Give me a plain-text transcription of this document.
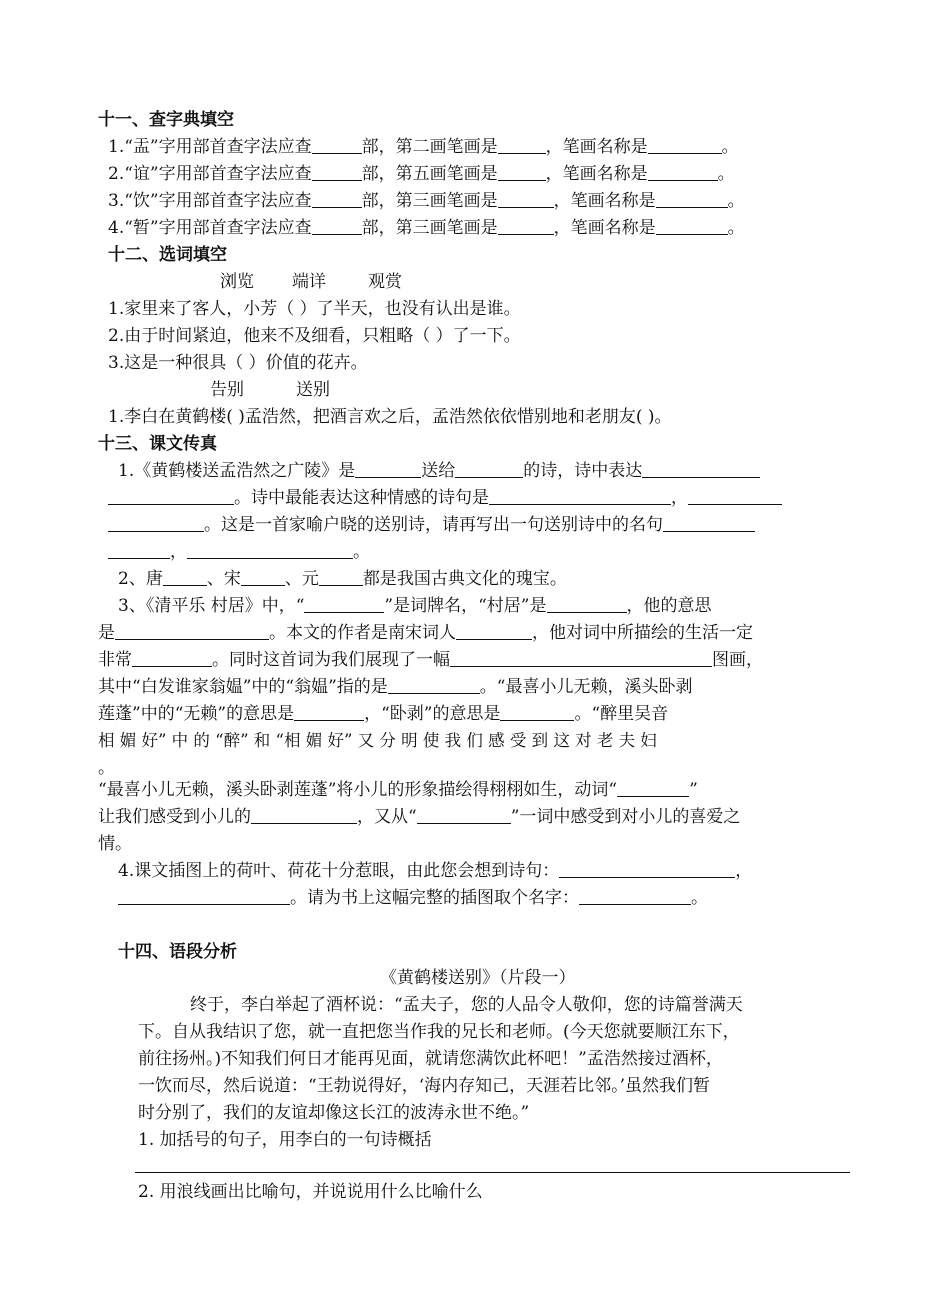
十一、查字典填空
1.“盂”字用部首查字法应查	部，第二画笔画是	，笔画名称是	。
2.“谊”字用部首查字法应查	部，第五画笔画是	，笔画名称是	。
3.“饮”字用部首查字法应查	部，第三画笔画是	，笔画名称是	。
4.“暂”字用部首查字法应查	部，第三画笔画是	，笔画名称是	。
十二、选词填空
浏览 端详 观赏
1.家里来了客人，小芳（ ）了半天，也没有认出是谁。
2.由于时间紧迫，他来不及细看，只粗略（ ）了一下。
3.这是一种很具（ ）价值的花卉。
告别	送别
1.李白在黄鹤楼( )孟浩然，把酒言欢之后，孟浩然依依惜别地和老朋友( )。
十三、课文传真
1.《黄鹤楼送孟浩然之广陵》是	送给	的诗，诗中表达
。诗中最能表达这种情感的诗句是	，
。这是一首家喻户晓的送别诗，请再写出一句送别诗中的名句
，	。
2、唐	、宋	、元	都是我国古典文化的瑰宝。
3、《清平乐 村居》中，“	”是词牌名，“村居”是	，他的意思
是	。本文的作者是南宋词人	，他对词中所描绘的生活一定
非常	。同时这首词为我们展现了一幅	图画，
其中“白发谁家翁媪”中的“翁媪”指的是	。“最喜小儿无赖，溪头卧剥
莲蓬”中的“无赖”的意思是	，“卧剥”的意思是	。“醉里吴音
相 媚 好” 中 的 “醉” 和 “相 媚 好” 又 分 明 使 我 们 感 受 到 这 对 老 夫 妇
。
“最喜小儿无赖，溪头卧剥莲蓬”将小儿的形象描绘得栩栩如生，动词“	”
让我们感受到小儿的	，又从“	”一词中感受到对小儿的喜爱之
情。
4.课文插图上的荷叶、荷花十分惹眼，由此您会想到诗句：	，
。请为书上这幅完整的插图取个名字：	。
十四、语段分析
《黄鹤楼送别》（片段一）
终于，李白举起了酒杯说：“孟夫子，您的人品令人敬仰，您的诗篇誉满天
下。自从我结识了您，就一直把您当作我的兄长和老师。(今天您就要顺江东下，
前往扬州。)不知我们何日才能再见面，就请您满饮此杯吧！”孟浩然接过酒杯，
一饮而尽，然后说道：“王勃说得好，‘海内存知己，天涯若比邻。’虽然我们暂
时分别了，我们的友谊却像这长江的波涛永世不绝。”
1. 加括号的句子，用李白的一句诗概括
2. 用浪线画出比喻句，并说说用什么比喻什么
